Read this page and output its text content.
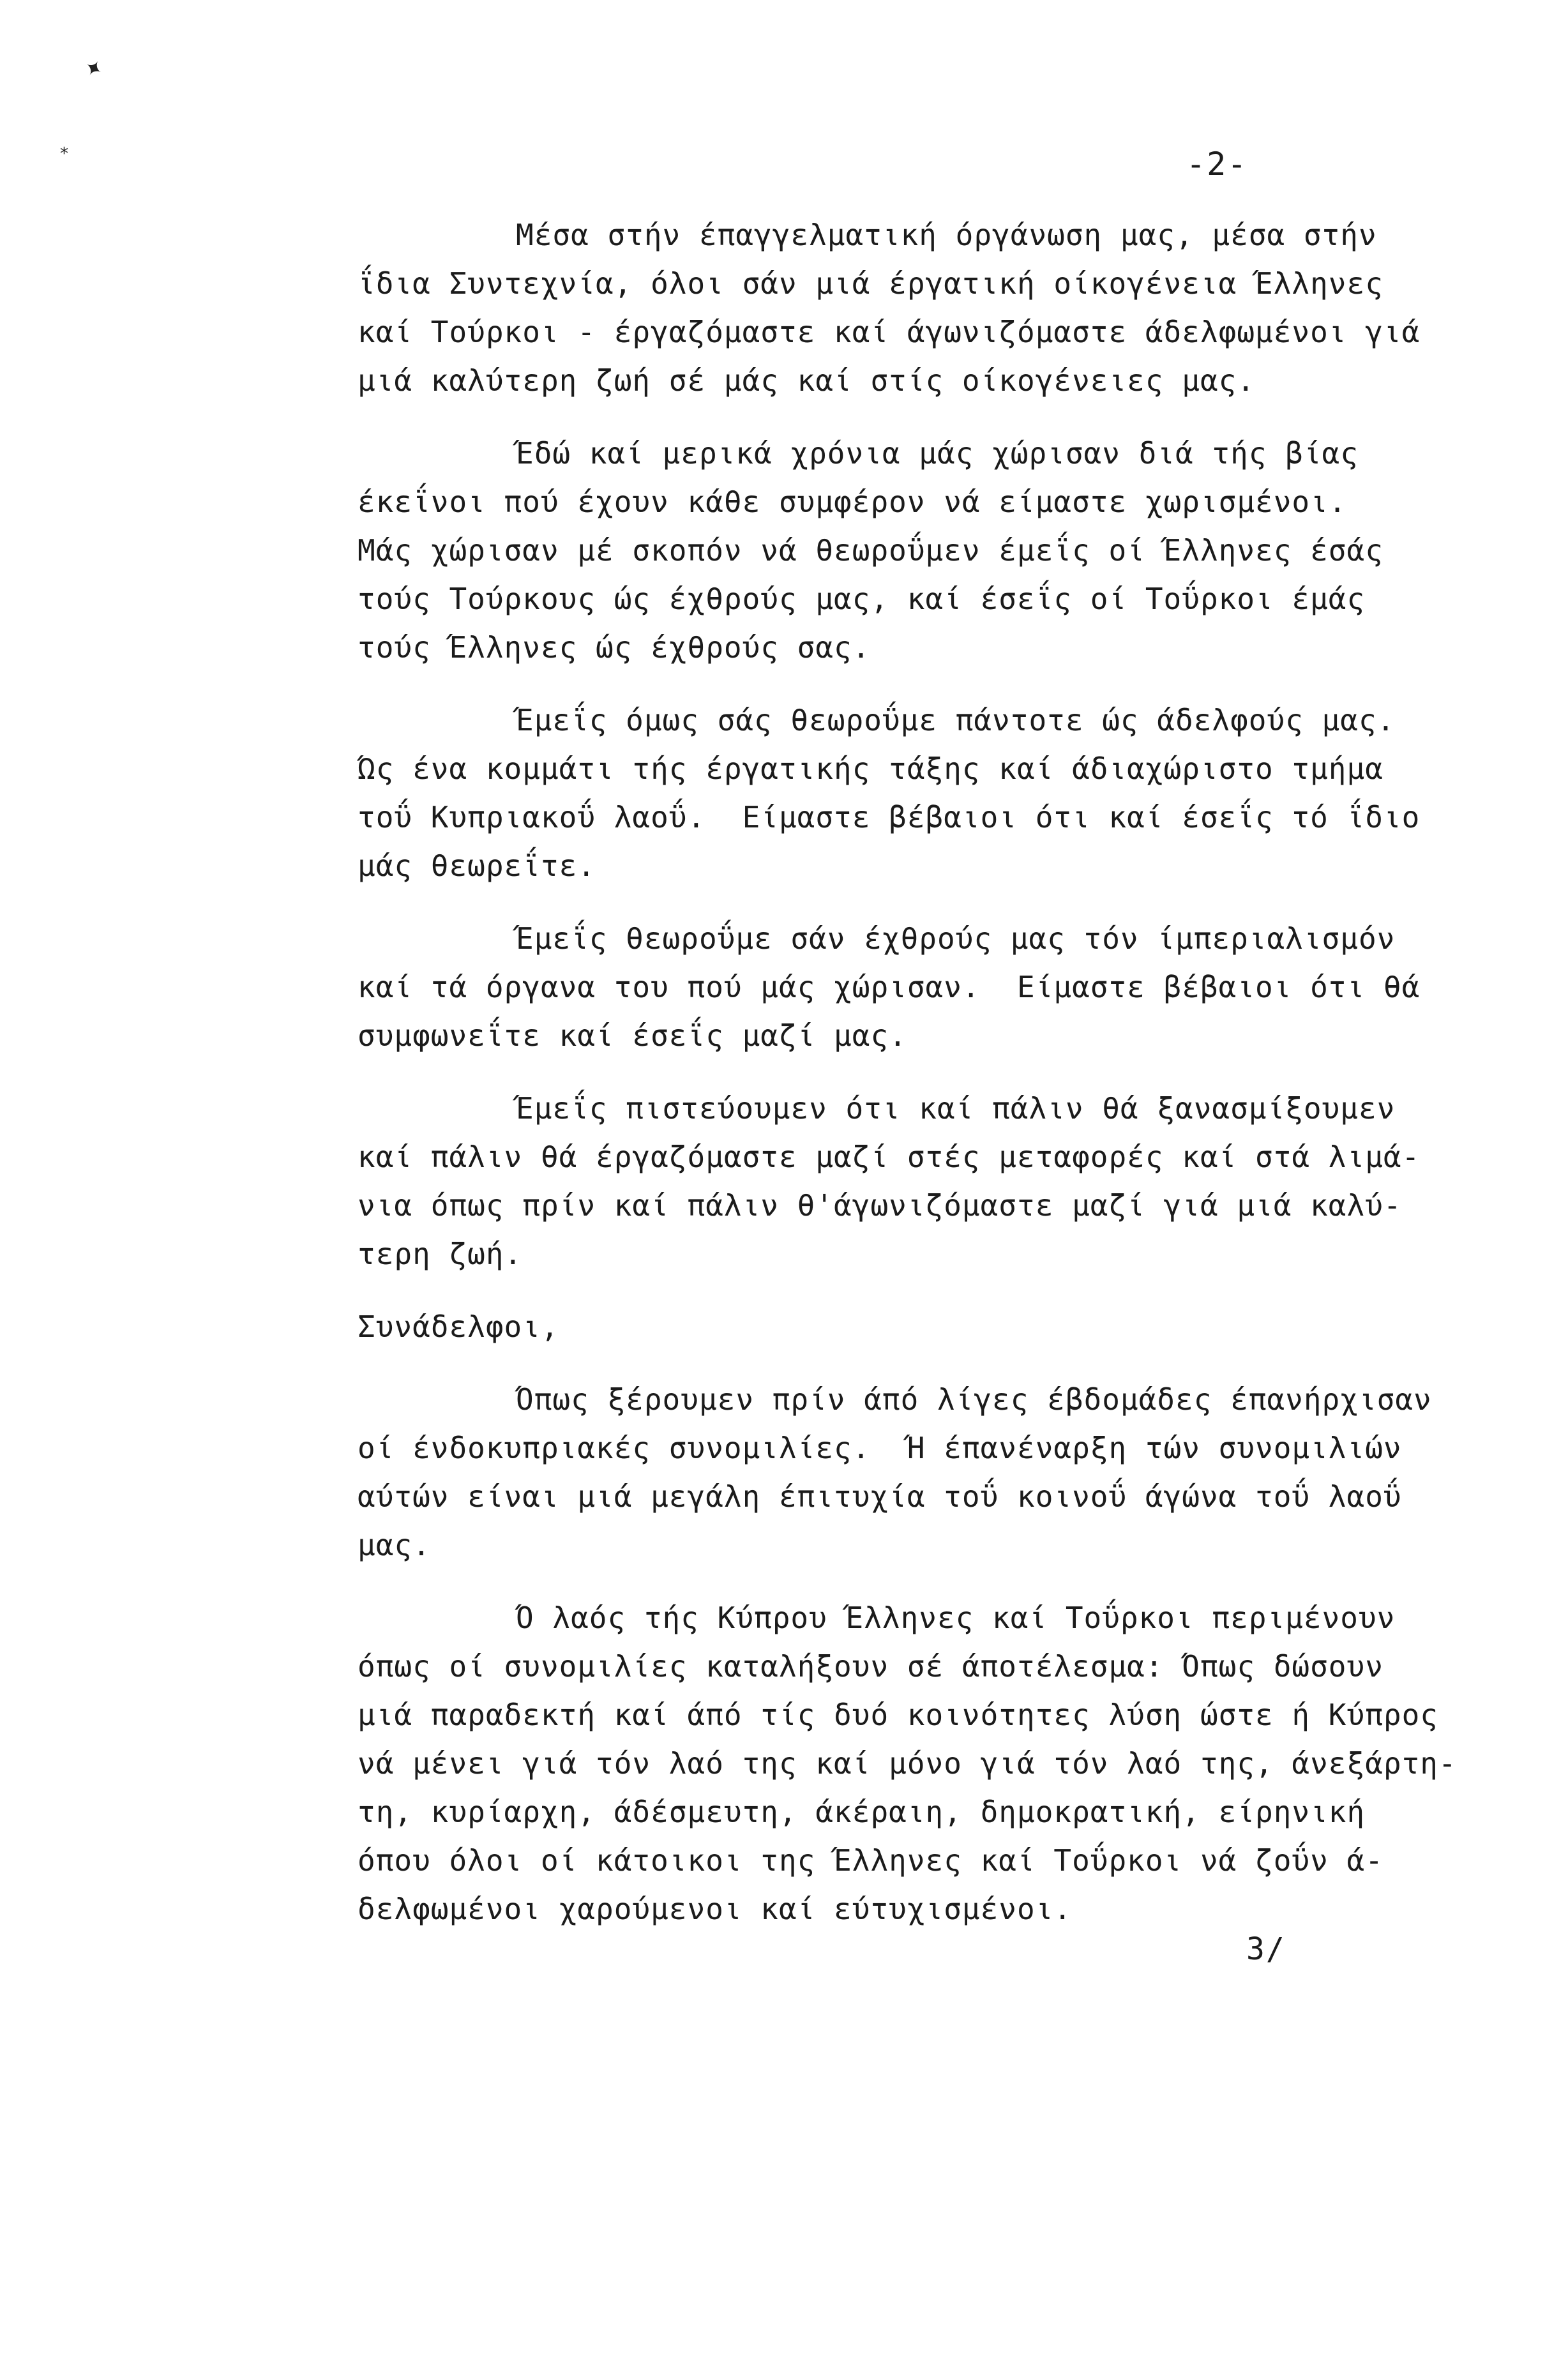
✦
⁎	-2-

Μέσα στήν έπαγγελματική όργάνωση μας, μέσα στήν
ΐδια Συντεχνία, όλοι σάν μιά έργατική οίκογένεια Έλληνες
καί Τούρκοι - έργαζόμαστε καί άγωνιζόμαστε άδελφωμένοι γιά
μιά καλύτερη ζωή σέ μάς καί στίς οίκογένειες μας.

Έδώ καί μερικά χρόνια μάς χώρισαν διά τής βίας
έκεΐνοι πού έχουν κάθε συμφέρον νά είμαστε χωρισμένοι.
Μάς χώρισαν μέ σκοπόν νά θεωροΰμεν έμεΐς οί Έλληνες έσάς
τούς Τούρκους ώς έχθρούς μας, καί έσεΐς οί Τοΰρκοι έμάς
τούς Έλληνες ώς έχθρούς σας.

Έμεΐς όμως σάς θεωροΰμε πάντοτε ώς άδελφούς μας.
Ώς ένα κομμάτι τής έργατικής τάξης καί άδιαχώριστο τμήμα
τοΰ Κυπριακοΰ λαοΰ.  Είμαστε βέβαιοι ότι καί έσεΐς τό ΐδιο
μάς θεωρεΐτε.

Έμεΐς θεωροΰμε σάν έχθρούς μας τόν ίμπεριαλισμόν
καί τά όργανα του πού μάς χώρισαν.  Είμαστε βέβαιοι ότι θά
συμφωνεΐτε καί έσεΐς μαζί μας.

Έμεΐς πιστεύουμεν ότι καί πάλιν θά ξανασμίξουμεν
καί πάλιν θά έργαζόμαστε μαζί στές μεταφορές καί στά λιμά-
νια όπως πρίν καί πάλιν θ'άγωνιζόμαστε μαζί γιά μιά καλύ-
τερη ζωή.

Συνάδελφοι,

Όπως ξέρουμεν πρίν άπό λίγες έβδομάδες έπανήρχισαν
οί ένδοκυπριακές συνομιλίες.  Ή έπανέναρξη τών συνομιλιών
αύτών είναι μιά μεγάλη έπιτυχία τοΰ κοινοΰ άγώνα τοΰ λαοΰ
μας.

Ό λαός τής Κύπρου Έλληνες καί Τοΰρκοι περιμένουν
όπως οί συνομιλίες καταλήξουν σέ άποτέλεσμα: Όπως δώσουν
μιά παραδεκτή καί άπό τίς δυό κοινότητες λύση ώστε ή Κύπρος
νά μένει γιά τόν λαό της καί μόνο γιά τόν λαό της, άνεξάρτη-
τη, κυρίαρχη, άδέσμευτη, άκέραιη, δημοκρατική, είρηνική
όπου όλοι οί κάτοικοι της Έλληνες καί Τοΰρκοι νά ζοΰν ά-
δελφωμένοι χαρούμενοι καί εύτυχισμένοι.

3/
